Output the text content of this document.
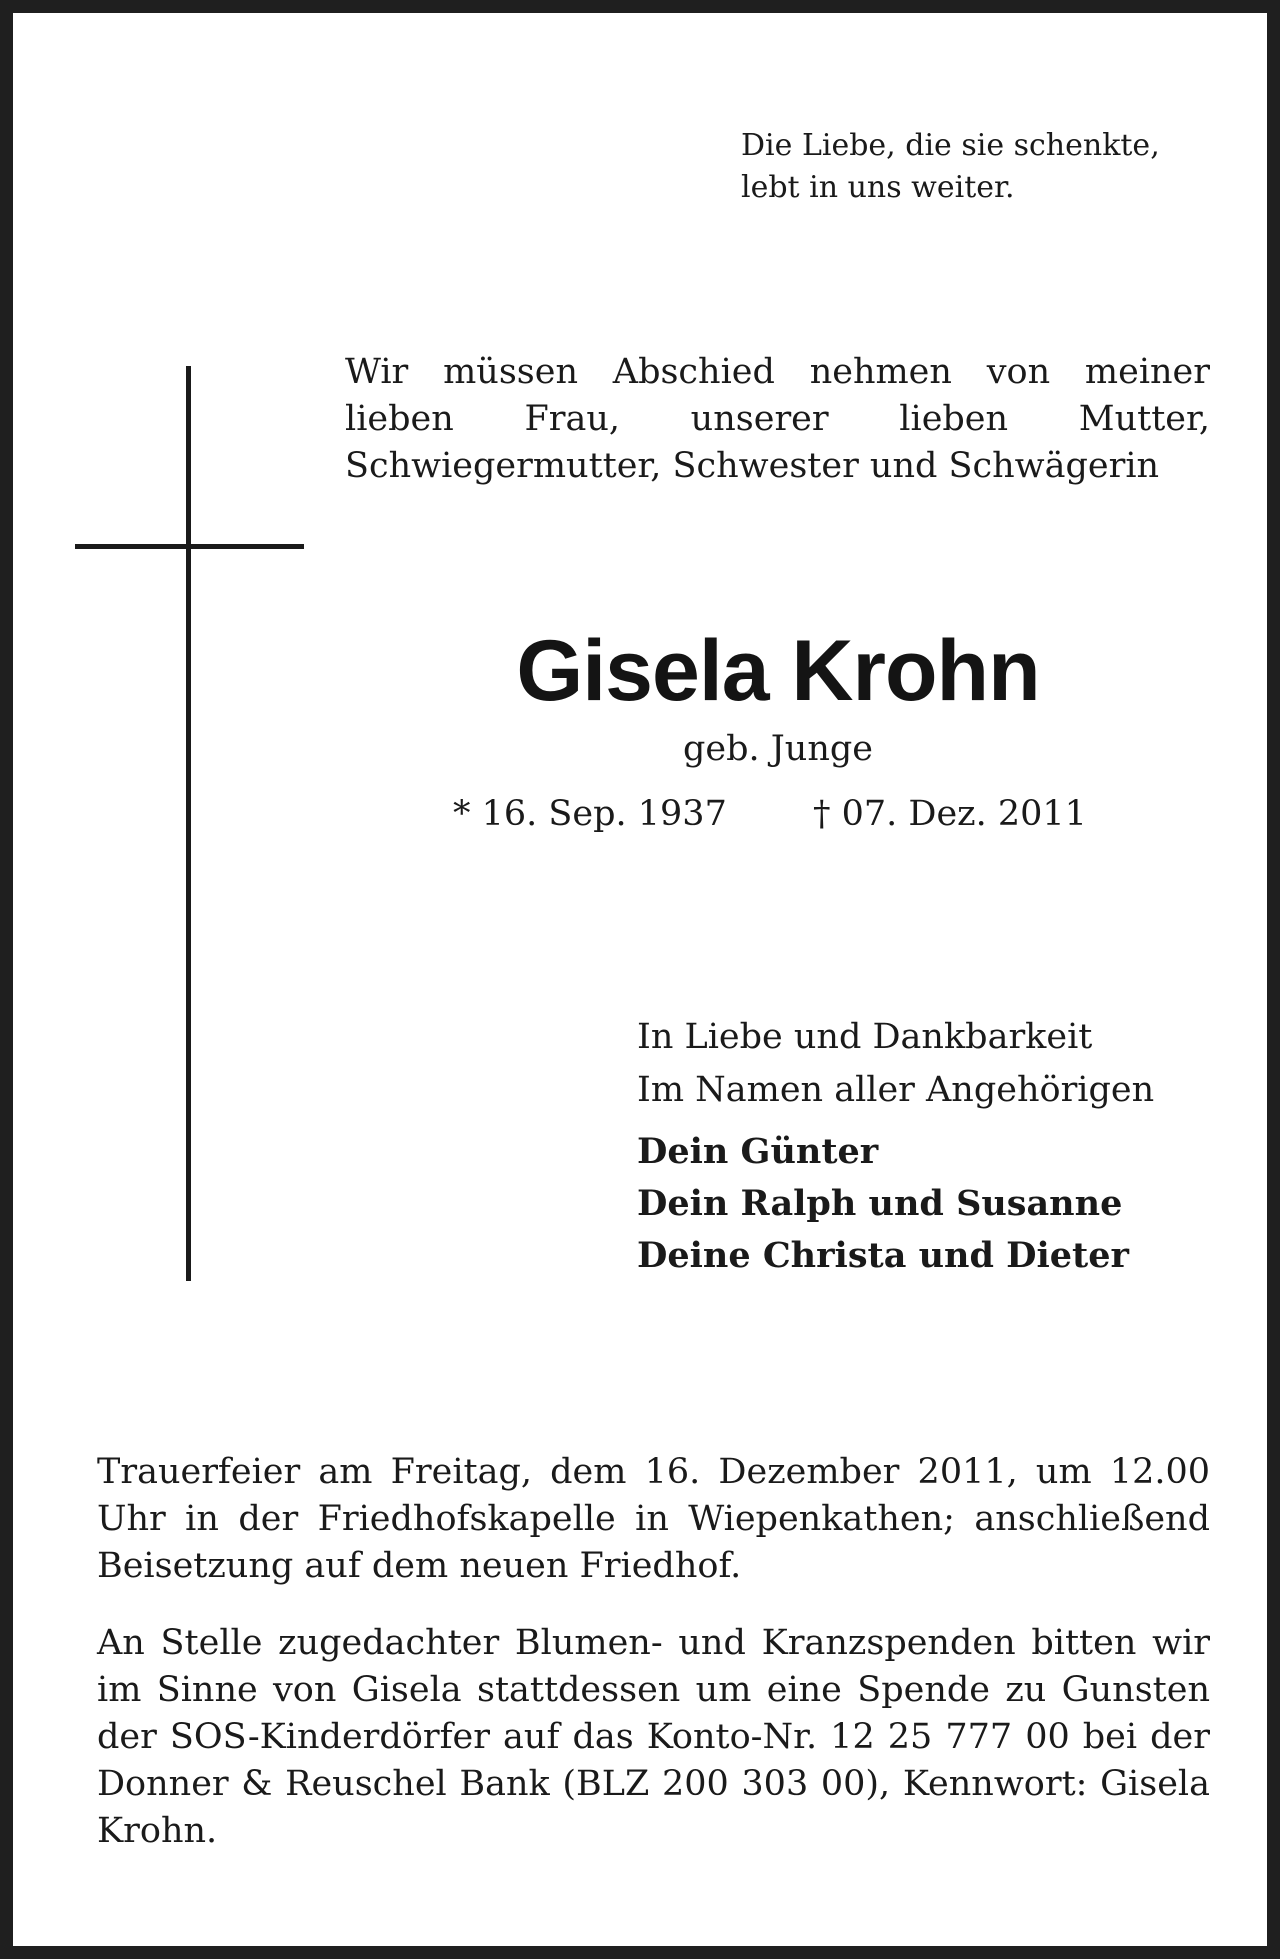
Die Liebe, die sie schenkte,
lebt in uns weiter.
Wir müssen Abschied nehmen von meiner lieben Frau, unserer lieben Mutter, Schwiegermutter, Schwester und Schwägerin
Gisela Krohn
geb. Junge
* 16. Sep. 1937 † 07. Dez. 2011
In Liebe und Dankbarkeit
Im Namen aller Angehörigen
Dein Günter
Dein Ralph und Susanne
Deine Christa und Dieter
Trauerfeier am Freitag, dem 16. Dezember 2011, um 12.00 Uhr in der Friedhofskapelle in Wiepenkathen; anschließend Beisetzung auf dem neuen Friedhof.
An Stelle zugedachter Blumen- und Kranzspenden bitten wir im Sinne von Gisela stattdessen um eine Spende zu Gunsten der SOS-Kinderdörfer auf das Konto-Nr. 12 25 777 00 bei der Donner & Reuschel Bank (BLZ 200 303 00), Kennwort: Gisela Krohn.
